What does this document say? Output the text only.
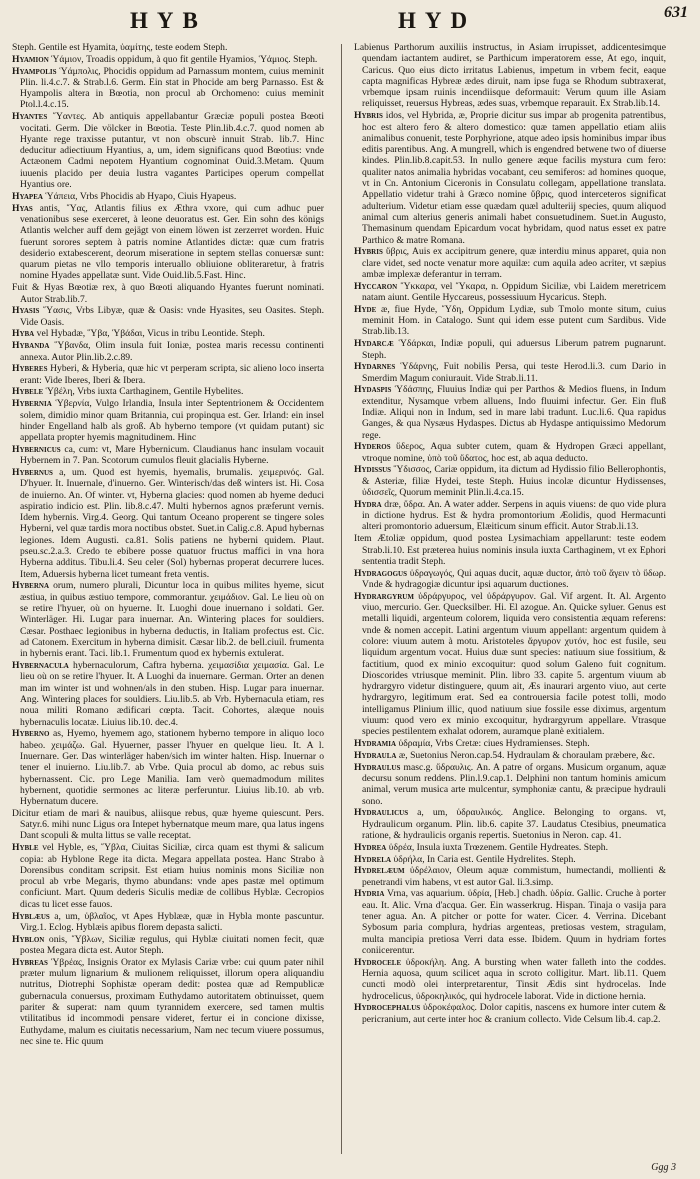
HYB	HYD	631

Steph. Gentile est Hyamita, ὑαμίτης, teste eodem Steph.

Hyamion Ὑάμιον, Troadis oppidum, à quo fit gentile Hyamios, Ὑάμιος. Steph.

Hyampolis Ὑάμπολις, Phocidis oppidum ad Parnassum montem, cuius meminit Plin. li.4.c.7. & Strab.l.6. Germ. Ein stat in Phocide am berg Parnasso. Est & Hyampolis altera in Bœotia, non procul ab Orchomeno: cuius meminit Ptol.l.4.c.15.

Hyantes Ὕαντες. Ab antiquis appellabantur Græciæ populi postea Bœoti vocitati. Germ. Die völcker in Bœotia. Teste Plin.lib.4.c.7. quod nomen ab Hyante rege traxisse putantur, vt non obscurè innuit Strab. lib.7. Hinc deducitur adiectiuum Hyantius, a, um, idem significans quod Bœotius: vnde Actæonem Cadmi nepotem Hyantium cognominat Ouid.3.Metam. Quum iuuenis placido per deuia lustra vagantes Participes operum compellat Hyantius ore.

Hyapea Ὑάπεια, Vrbs Phocidis ab Hyapo, Ciuis Hyapeus.

Hyas antis, Ὕας, Atlantis filius ex Æthra vxore, qui cum adhuc puer venationibus sese exerceret, à leone deuoratus est. Ger. Ein sohn des königs Atlantis welcher auff dem gejägt von einem löwen ist zerzerret worden. Huic fuerunt sorores septem à patris nomine Atlantides dictæ: quæ cum fratris desiderio extabescerent, deorum miseratione in septem stellas conuersæ sunt: quarum pietas ne vllo temporis interuallo obliuione obliteraretur, à fratris nomine Hyades appellatæ sunt. Vide Ouid.lib.5.Fast. Hinc.

Fuit & Hyas Bœotiæ rex, à quo Bœoti aliquando Hyantes fuerunt nominati. Autor Strab.lib.7.

Hyasis Ὕασις, Vrbs Libyæ, quæ & Oasis: vnde Hyasites, seu Oasites. Steph. Vide Oasis.

Hyba vel Hybadæ, Ὕβα, Ὑβάδαι, Vicus in tribu Leontide. Steph.

Hybanda Ὕβανδα, Olim insula fuit Ioniæ, postea maris recessu continenti annexa. Autor Plin.lib.2.c.89.

Hyberes Hyberi, & Hyberia, quæ hic vt perperam scripta, sic alieno loco inserta erant: Vide Iberes, Iberi & Ibera.

Hybele Ὑβέλη, Vrbs iuxta Carthaginem, Gentile Hybelites.

Hybernia Ὑβερνία, Vulgo Irlandia, Insula inter Septentrionem & Occidentem solem, dimidio minor quam Britannia, cui propinqua est. Ger. Irland: ein insel hinder Engelland halb als groß. Ab hyberno tempore (vt quidam putant) sic appellata propter hyemis magnitudinem. Hinc

Hybernicus ca, cum: vt, Mare Hybernicum. Claudianus hanc insulam vocauit Hybernem in 7. Pan. Scotorum cumulos fleuit glacialis Hyberne.

Hybernus a, um. Quod est hyemis, hyemalis, brumalis. χειμερινός. Gal. D'hyuer. It. Inuernale, d'inuerno. Ger. Winterisch/das deß winters ist. Hi. Cosa de inuierno. An. Of winter. vt, Hyberna glacies: quod nomen ab hyeme deduci aspiratio indicio est. Plin. lib.8.c.47. Multi hybernos agnos præferunt vernis. Idem hybernis. Virg.4. Georg. Qui tantum Oceano properent se tingere soles Hyberni, vel quæ tardis mora noctibus obstet. Suet.in Calig.c.8. Apud hybernas legiones. Idem Augusti. ca.81. Solis patiens ne hyberni quidem. Plaut. pseu.sc.2.a.3. Credo te ebibere posse quatuor fructus maffici in vna hora Hyberna additus. Tibu.li.4. Seu celer (Sol) hybernas properat decurrere luces. Item, Aduersis hyberna licet tumeant freta ventis.

Hyberna orum, numero plurali, Dicuntur loca in quibus milites hyeme, sicut æstiua, in quibus æstiuo tempore, commorantur. χειμάδιον. Gal. Le lieu où on se retire l'hyuer, où on hyuerne. It. Luoghi doue inuernano i soldati. Ger. Winterläger. Hi. Lugar para inuernar. An. Wintering places for souldiers. Cæsar. Posthaec legionibus in hyberna deductis, in Italiam profectus est. Cic. ad Catonem. Exercitum in hyberna dimisit. Cæsar lib.2. de bell.ciuil. frumenta in hybernis erant. Taci. lib.1. Frumentum quod ex hybernis extulerat.

Hybernacula hybernaculorum, Caftra hyberna. χειμασίδια χειμασία. Gal. Le lieu où on se retire l'hyuer. It. A Luoghi da inuernare. German. Orter an denen man im winter ist und wohnen/als in den stuben. Hisp. Lugar para inuernar. Ang. Wintering places for souldiers. Liu.lib.5. ab Vrb. Hybernacula etiam, res noua militi Romano ædificari cœpta. Tacit. Cohortes, alæque nouis hybernaculis locatæ. Liuius lib.10. dec.4.

Hyberno as, Hyemo, hyemem ago, stationem hyberno tempore in aliquo loco habeo. χειμάζω. Gal. Hyuerner, passer l'hyuer en quelque lieu. It. A l. Inuernare. Ger. Das winterläger haben/sich im winter halten. Hisp. Inuernar o tener el inuierno. Liu.lib.7. ab Vrbe. Quia procul ab domo, ac rebus suis hybernassent. Cic. pro Lege Manilia. Iam verò quemadmodum milites hybernent, quotidie sermones ac literæ perferuntur. Liuius lib.10. ab vrb. Hybernatum ducere.

Dicitur etiam de mari & nauibus, aliisque rebus, quæ hyeme quiescunt. Pers. Satyr.6. mihi nunc Ligus ora Intepet hybernatque meum mare, qua latus ingens Dant scopuli & multa littus se valle receptat.

Hyble vel Hyble, es, Ὕβλα, Ciuitas Siciliæ, circa quam est thymi & salicum copia: ab Hyblone Rege ita dicta. Megara appellata postea. Hanc Strabo à Dorensibus conditam scripsit. Est etiam huius nominis mons Siciliæ non procul ab vrbe Megaris, thymo abundans: vnde apes pastæ mel optimum conficiunt. Mart. Quum dederis Siculis mediæ de collibus Hyblæ. Cecropios dicas tu licet esse fauos.

Hyblæus a, um, ὑβλαῖος, vt Apes Hyblææ, quæ in Hybla monte pascuntur. Virg.1. Eclog. Hyblæis apibus florem depasta salicti.

Hyblon onis, Ὕβλων, Siciliæ regulus, qui Hyblæ ciuitati nomen fecit, quæ postea Megara dicta est. Autor Steph.

Hybreas Ὑβρέας, Insignis Orator ex Mylasis Cariæ vrbe: cui quum pater nihil præter mulum lignarium & mulionem reliquisset, illorum opera aliquandiu nutritus, Diotrephi Sophistæ operam dedit: postea quæ ad Rempublicæ gubernacula conuersus, proximam Euthydamo autoritatem obtinuisset, quem pariter & superat: nam quum tyrannidem exercere, sed tamen multis vtilitatibus id incommodi pensare videret, fertur ei in concione dixisse, Euthydame, malum es ciuitatis necessarium, Nam nec tecum viuere possumus, nec sine te. Hic quum

Labienus Parthorum auxiliis instructus, in Asiam irrupisset, addicentesimque quendam iactantem audiret, se Parthicum imperatorem esse, At ego, inquit, Caricus. Quo eius dicto irritatus Labienus, impetum in vrbem fecit, eaque capta magnificas Hybreæ ædes diruit, nam ipse fuga se Rhodum subtraxerat, vrbemque ipsam ruinis incendiisque deformauit: Verum quum ille Asiam reliquisset, reuersus Hybreas, ædes suas, vrbemque reparauit. Ex Strab.lib.14.

Hybris idos, vel Hybrida, æ, Proprie dicitur sus impar ab progenita patrentibus, hoc est altero fero & altero domestico: quæ tamen appellatio etiam aliis animalibus conuenit, teste Porphyrione, atque adeo ipsis hominibus impar ibus editis parentibus. Ang. A mungrell, which is engendred betwene two of diuerse kindes. Plin.lib.8.capit.53. In nullo genere æque facilis mystura cum fero: qualiter natos animalia hybridas vocabant, ceu semiferos: ad homines quoque, vt in Cn. Antonium Ciceronis in Consulatu collegam, appellatione translata. Appellatio videtur trahi à Græco nomine ὕβρις, quod interceteros significat adulterium. Videtur etiam esse quædam quæl adulteriij species, quum aliquod animal cum alterius generis animali habet consuetudinem. Suet.in Augusto, Themasinum quendam Epicardum vocat hybridam, quod natus esset ex patre Parthico & matre Romana.

Hybris ὕβρις, Auis ex accipitrum genere, quæ interdiu minus apparet, quia non clare videt, sed nocte venatur more aquilæ: cum aquila adeo acriter, vt sæpius ambæ implexæ deferantur in terram.

Hyccaron Ὕκκαρα, vel Ὕκαρα, n. Oppidum Siciliæ, vbi Laidem meretricem natam aiunt. Gentile Hyccareus, possessiuum Hycaricus. Steph.

Hyde æ, fiue Hyde, Ὕδη, Oppidum Lydiæ, sub Tmolo monte situm, cuius meminit Hom. in Catalogo. Sunt qui idem esse putent cum Sardibus. Vide Strab.lib.13.

Hydarcæ Ὑδάρκαι, Indiæ populi, qui aduersus Liberum patrem pugnarunt. Steph.

Hydarnes Ὑδάρνης, Fuit nobilis Persa, qui teste Herod.li.3. cum Dario in Smerdim Magum coniurauit. Vide Strab.li.11.

Hydaspis Ὑδάσπης, Fluuius Indiæ qui per Parthos & Medios fluens, in Indum extenditur, Nysamque vrbem alluens, Indo fluuimi infectur. Ger. Ein fluß Indiæ. Aliqui non in Indum, sed in mare labi tradunt. Luc.li.6. Qua rapidus Ganges, & qua Nysæus Hydaspes. Dictus ab Hydaspe antiquissimo Medorum rege.

Hyderos ὕδερος, Aqua subter cutem, quam & Hydropen Græci appellant, vtroque nomine, ὑπὸ τοῦ ὕδατος, hoc est, ab aqua deducto.

Hydissus Ὕδισσος, Cariæ oppidum, ita dictum ad Hydissio filio Bellerophontis, & Asteriæ, filiæ Hydei, teste Steph. Huius incolæ dicuntur Hydissenses, ὑδισσεῖς, Quorum meminit Plin.li.4.ca.15.

Hydra dræ, ὕδρα. An. A water adder. Serpens in aquis viuens: de quo vide plura in dictione hydrus. Est & hydra promontorium Æolidis, quod Hermacunti alteri promontorio aduersum, Elæiticum sinum efficit. Autor Strab.li.13.

Item Ætoliæ oppidum, quod postea Lysimachiam appellarunt: teste eodem Strab.li.10. Est præterea huius nominis insula iuxta Carthaginem, vt ex Ephori sententia tradit Steph.

Hydragogus ὑδραγωγός, Qui aquas ducit, aquæ ductor, ἀπὸ τοῦ ἄγειν τὸ ὕδωρ. Vnde & hydragogiæ dicuntur ipsi aquarum ductiones.

Hydrargyrum ὑδράργυρος, vel ὑδράργυρον. Gal. Vif argent. It. Al. Argento viuo, mercurio. Ger. Quecksilber. Hi. El azogue. An. Quicke syluer. Genus est metalli liquidi, argenteum colorem, liquida vero consistentia æquam referens: vnde & nomen accepit. Latini argentum viuum appellant: argentum quidem à colore: viuum autem à motu. Aristoteles ἄργυρον χυτόν, hoc est fusile, seu liquidum argentum vocat. Huius duæ sunt species: natiuum siue fossitium, & factitium, quod ex minio excoquitur: quod solum Galeno fuit cognitum. Dioscorides vtriusque meminit. Plin. libro 33. capite 5. argentum viuum ab hydrargyro videtur distinguere, quum ait, Æs inaurari argento viuo, aut certe hydrargyro, legitimum erat. Sed ea controuersia facile potest tolli, modo intelligamus Plinium illic, quod natiuum siue fossile esse diximus, argentum viuum: quod vero ex minio excoquitur, hydrargyrum appellare. Vtrasque species pestilentem exhalat odorem, auramque planè exitialem.

Hydramia ὑδραμία, Vrbs Cretæ: ciues Hydramienses. Steph.

Hydraula æ, Suetonius Neron.cap.54. Hydraulam & choraulam præbere, &c.

Hydraulus masc.g. ὕδραυλις. An. A patre of organs. Musicum organum, aquæ decursu sonum reddens. Plin.l.9.cap.1. Delphini non tantum hominis amicum animal, verum musica arte mulcentur, symphoniæ cantu, & præcipue hydrauli sono.

Hydraulicus a, um, ὑδραυλικός. Anglice. Belonging to organs. vt, Hydraulicum organum. Plin. lib.6. capite 37. Laudatus Ctesibius, pneumatica ratione, & hydraulicis organis repertis. Suetonius in Neron. cap. 41.

Hydrea ὑδρέα, Insula iuxta Trœzenem. Gentile Hydreates. Steph.

Hydrela ὑδρήλα, In Caria est. Gentile Hydrelites. Steph.

Hydrelæum ὑδρέλαιον, Oleum aquæ commistum, humectandi, mollienti & penetrandi vim habens, vt est autor Gal. li.3.simp.

Hydria Vrna, vas aquarium. ὑδρία, [Heb.] chadh. ὑδρία. Gallic. Cruche à porter eau. It. Alic. Vrna d'acqua. Ger. Ein wasserkrug. Hispan. Tinaja o vasija para tener agua. An. A pitcher or potte for water. Cicer. 4. Verrina. Dicebant Sybosum paria complura, hydrias argenteas, pretiosas vestem, stragulam, multa mancipia pretiosa Verri data esse. Ibidem. Quum in hydriam fortes coniicerentur.

Hydrocele ὑδροκήλη. Ang. A bursting when water falleth into the coddes. Hernia aquosa, quum scilicet aqua in scroto colligitur. Mart. lib.11. Quem cuncti modò olei interpretarentur, Tinsit Ædis sint hydrocelas. Inde hydrocelicus, ὑδροκηλικός, qui hydrocele laborat. Vide in dictione hernia.

Hydrocephalus ὑδροκέφαλος. Dolor capitis, nascens ex humore inter cutem & pericranium, aut certe inter hoc & cranium collecto. Vide Celsum lib.4. cap.2.

Ggg 3
